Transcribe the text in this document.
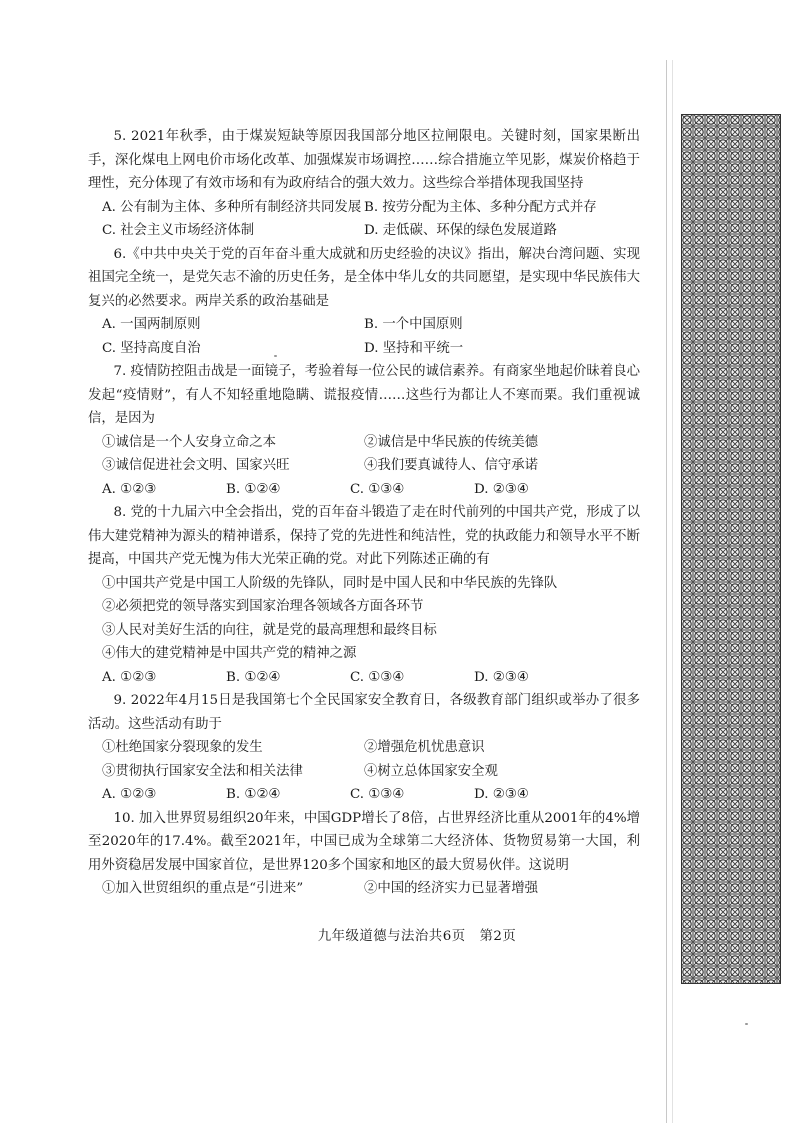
5. 2021年秋季，由于煤炭短缺等原因我国部分地区拉闸限电。关键时刻，国家果断出手，深化煤电上网电价市场化改革、加强煤炭市场调控……综合措施立竿见影，煤炭价格趋于理性，充分体现了有效市场和有为政府结合的强大效力。这些综合举措体现我国坚持

A. 公有制为主体、多种所有制经济共同发展 B. 按劳分配为主体、多种分配方式并存
C. 社会主义市场经济体制	D. 走低碳、环保的绿色发展道路

6.《中共中央关于党的百年奋斗重大成就和历史经验的决议》指出，解决台湾问题、实现祖国完全统一，是党矢志不渝的历史任务，是全体中华儿女的共同愿望，是实现中华民族伟大复兴的必然要求。两岸关系的政治基础是

A. 一国两制原则	B. 一个中国原则
C. 坚持高度自治	D. 坚持和平统一

7. 疫情防控阻击战是一面镜子，考验着每一位公民的诚信素养。有商家坐地起价昧着良心发起“疫情财”，有人不知轻重地隐瞒、谎报疫情……这些行为都让人不寒而栗。我们重视诚信，是因为

①诚信是一个人安身立命之本	②诚信是中华民族的传统美德
③诚信促进社会文明、国家兴旺	④我们要真诚待人、信守承诺
A. ①②③	B. ①②④	C. ①③④	D. ②③④

8. 党的十九届六中全会指出，党的百年奋斗锻造了走在时代前列的中国共产党，形成了以伟大建党精神为源头的精神谱系，保持了党的先进性和纯洁性，党的执政能力和领导水平不断提高，中国共产党无愧为伟大光荣正确的党。对此下列陈述正确的有

①中国共产党是中国工人阶级的先锋队，同时是中国人民和中华民族的先锋队
②必须把党的领导落实到国家治理各领域各方面各环节
③人民对美好生活的向往，就是党的最高理想和最终目标
④伟大的建党精神是中国共产党的精神之源
A. ①②③	B. ①②④	C. ①③④	D. ②③④

9. 2022年4月15日是我国第七个全民国家安全教育日，各级教育部门组织或举办了很多活动。这些活动有助于

①杜绝国家分裂现象的发生	②增强危机忧患意识
③贯彻执行国家安全法和相关法律	④树立总体国家安全观
A. ①②③	B. ①②④	C. ①③④	D. ②③④

10. 加入世界贸易组织20年来，中国GDP增长了8倍，占世界经济比重从2001年的4%增至2020年的17.4%。截至2021年，中国已成为全球第二大经济体、货物贸易第一大国，利用外资稳居发展中国家首位，是世界120多个国家和地区的最大贸易伙伴。这说明

①加入世贸组织的重点是“引进来”	②中国的经济实力已显著增强
九年级道德与法治共6页　第2页
